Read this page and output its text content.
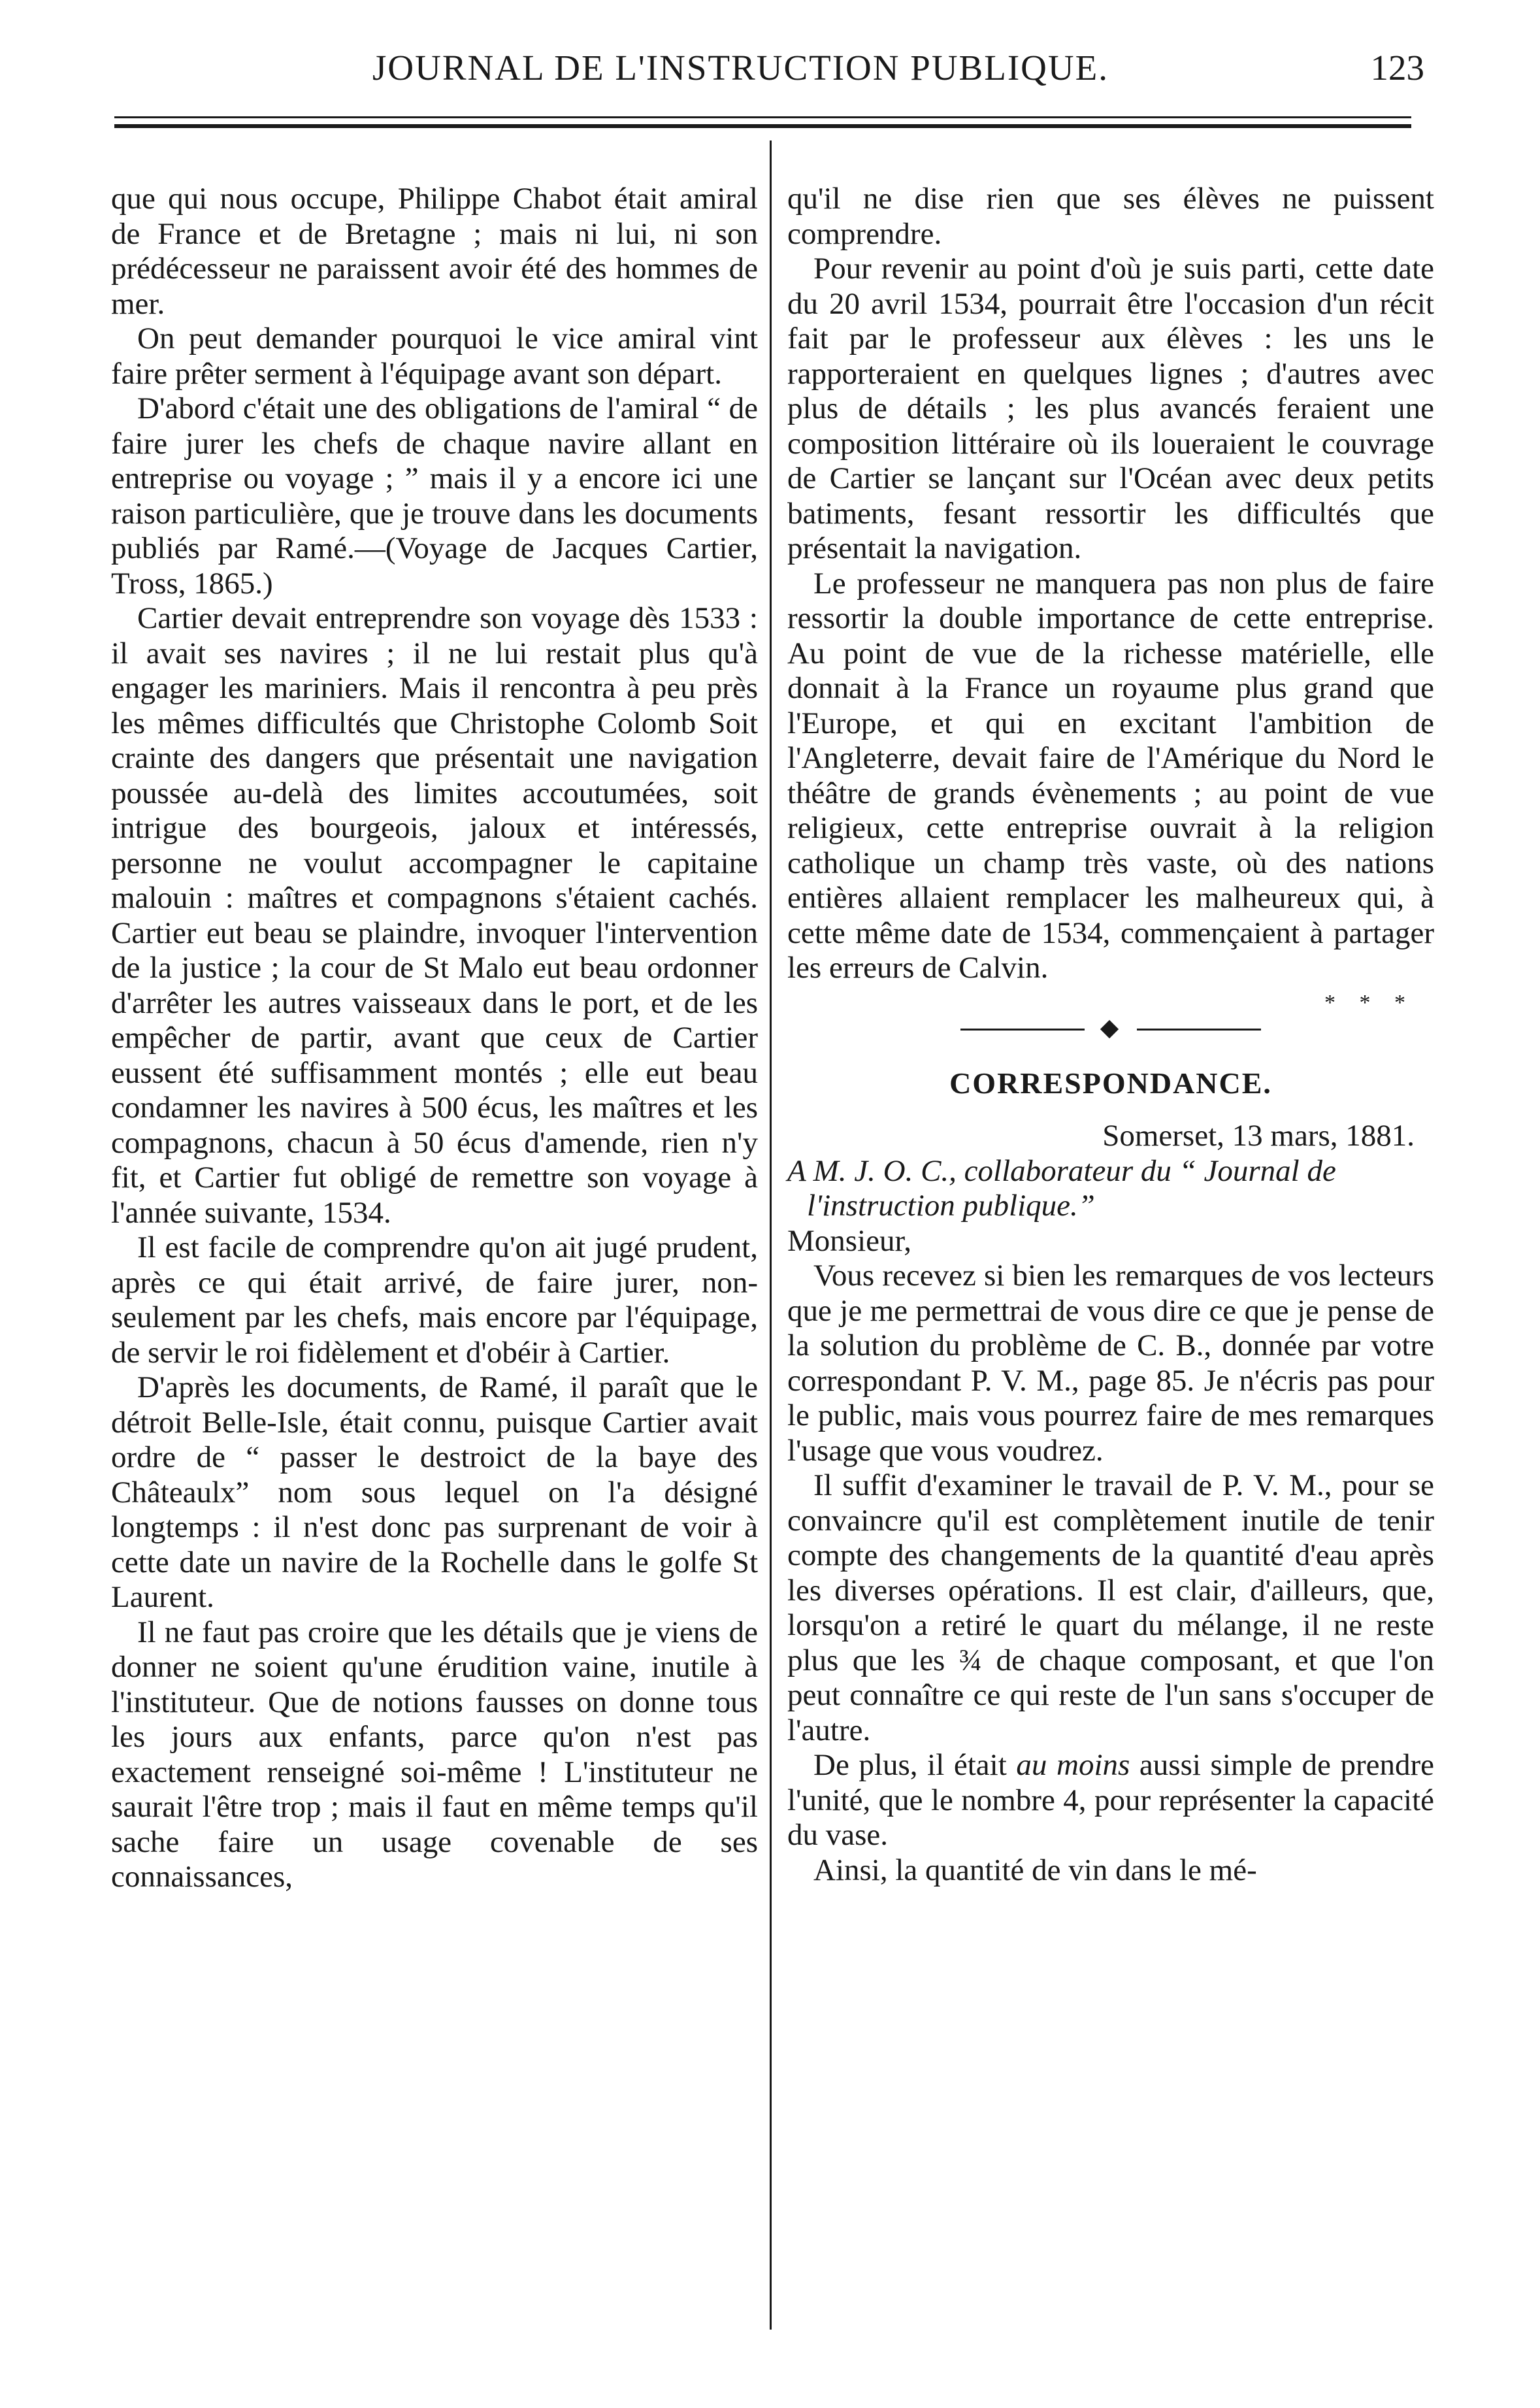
JOURNAL DE L'INSTRUCTION PUBLIQUE.	123

que qui nous occupe, Philippe Chabot était amiral de France et de Bretagne ; mais ni lui, ni son prédécesseur ne paraissent avoir été des hommes de mer.

On peut demander pourquoi le vice amiral vint faire prêter serment à l'équipage avant son départ.

D'abord c'était une des obligations de l'amiral “ de faire jurer les chefs de chaque navire allant en entreprise ou voyage ; ” mais il y a encore ici une raison particulière, que je trouve dans les documents publiés par Ramé.—(Voyage de Jacques Cartier, Tross, 1865.)

Cartier devait entreprendre son voyage dès 1533 : il avait ses navires ; il ne lui restait plus qu'à engager les mariniers. Mais il rencontra à peu près les mêmes difficultés que Christophe Colomb Soit crainte des dangers que présentait une navigation poussée au-delà des limites accoutumées, soit intrigue des bourgeois, jaloux et intéressés, personne ne voulut accompagner le capitaine malouin : maîtres et compagnons s'étaient cachés. Cartier eut beau se plaindre, invoquer l'intervention de la justice ; la cour de St Malo eut beau ordonner d'arrêter les autres vaisseaux dans le port, et de les empêcher de partir, avant que ceux de Cartier eussent été suffisamment montés ; elle eut beau condamner les navires à 500 écus, les maîtres et les compagnons, chacun à 50 écus d'amende, rien n'y fit, et Cartier fut obligé de remettre son voyage à l'année suivante, 1534.

Il est facile de comprendre qu'on ait jugé prudent, après ce qui était arrivé, de faire jurer, non-seulement par les chefs, mais encore par l'équipage, de servir le roi fidèlement et d'obéir à Cartier.

D'après les documents, de Ramé, il paraît que le détroit Belle-Isle, était connu, puisque Cartier avait ordre de “ passer le destroict de la baye des Châteaulx” nom sous lequel on l'a désigné longtemps : il n'est donc pas surprenant de voir à cette date un navire de la Rochelle dans le golfe St Laurent.

Il ne faut pas croire que les détails que je viens de donner ne soient qu'une érudition vaine, inutile à l'instituteur. Que de notions fausses on donne tous les jours aux enfants, parce qu'on n'est pas exactement renseigné soi-même ! L'instituteur ne saurait l'être trop ; mais il faut en même temps qu'il sache faire un usage covenable de ses connaissances,

qu'il ne dise rien que ses élèves ne puissent comprendre.

Pour revenir au point d'où je suis parti, cette date du 20 avril 1534, pourrait être l'occasion d'un récit fait par le professeur aux élèves : les uns le rapporteraient en quelques lignes ; d'autres avec plus de détails ; les plus avancés feraient une composition littéraire où ils loueraient le couvrage de Cartier se lançant sur l'Océan avec deux petits batiments, fesant ressortir les difficultés que présentait la navigation.

Le professeur ne manquera pas non plus de faire ressortir la double importance de cette entreprise. Au point de vue de la richesse matérielle, elle donnait à la France un royaume plus grand que l'Europe, et qui en excitant l'ambition de l'Angleterre, devait faire de l'Amérique du Nord le théâtre de grands évènements ; au point de vue religieux, cette entreprise ouvrait à la religion catholique un champ très vaste, où des nations entières allaient remplacer les malheureux qui, à cette même date de 1534, commençaient à partager les erreurs de Calvin.

* * *

CORRESPONDANCE.

Somerset, 13 mars, 1881.

A M. J. O. C., collaborateur du “ Journal de

l'instruction publique.”

Monsieur,

Vous recevez si bien les remarques de vos lecteurs que je me permettrai de vous dire ce que je pense de la solution du problème de C. B., donnée par votre correspondant P. V. M., page 85. Je n'écris pas pour le public, mais vous pourrez faire de mes remarques l'usage que vous voudrez.

Il suffit d'examiner le travail de P. V. M., pour se convaincre qu'il est complètement inutile de tenir compte des changements de la quantité d'eau après les diverses opérations. Il est clair, d'ailleurs, que, lorsqu'on a retiré le quart du mélange, il ne reste plus que les ¾ de chaque composant, et que l'on peut connaître ce qui reste de l'un sans s'occuper de l'autre.

De plus, il était au moins aussi simple de prendre l'unité, que le nombre 4, pour représenter la capacité du vase.

Ainsi, la quantité de vin dans le mé-
